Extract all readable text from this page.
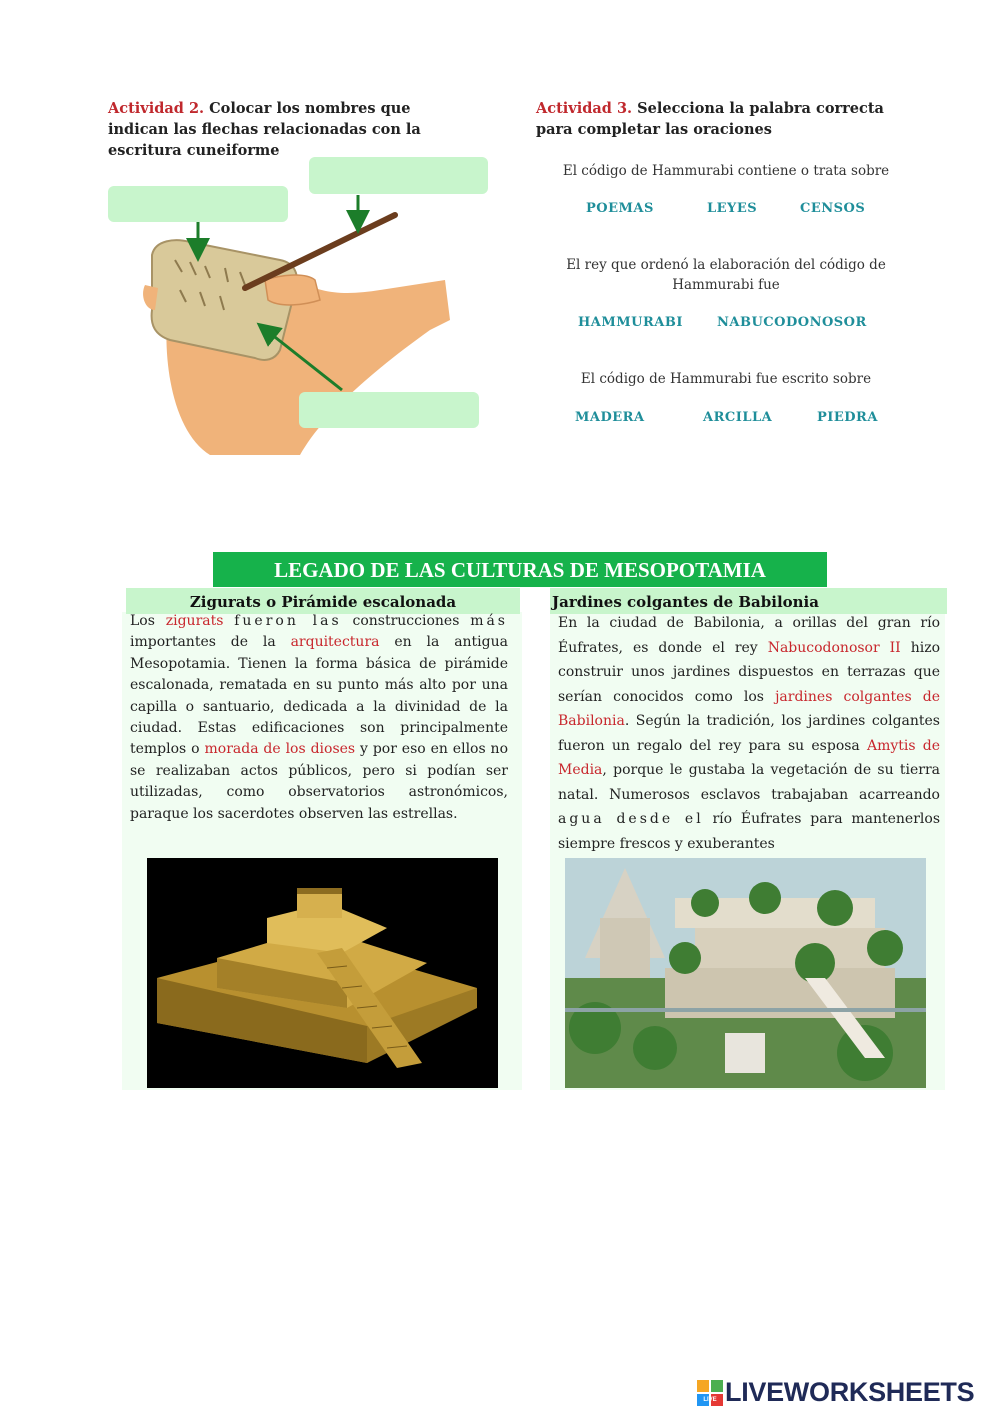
Actividad 2. Colocar los nombres que indican las flechas relacionadas con la escritura cuneiforme
Actividad 3. Selecciona la palabra correcta para completar las oraciones
El código de Hammurabi contiene o trata sobre
POEMAS	LEYES	CENSOS
El rey que ordenó la elaboración del código de Hammurabi fue
HAMMURABI	NABUCODONOSOR
El código de Hammurabi fue escrito sobre
MADERA	ARCILLA	PIEDRA
LEGADO DE LAS CULTURAS DE MESOPOTAMIA
Zigurats o Pirámide escalonada	Jardines colgantes de Babilonia
Los zigurats fueron las construcciones más importantes de la arquitectura en la antigua Mesopotamia. Tienen la forma básica de pirámide escalonada, rematada en su punto más alto por una capilla o santuario, dedicada a la divinidad de la ciudad. Estas edificaciones son principalmente templos o morada de los dioses y por eso en ellos no se realizaban actos públicos, pero si podían ser utilizadas, como observatorios astronómicos, paraque los sacerdotes observen las estrellas.
En la ciudad de Babilonia, a orillas del gran río Éufrates, es donde el rey Nabucodonosor II hizo construir unos jardines dispuestos en terrazas que serían conocidos como los jardines colgantes de Babilonia. Según la tradición, los jardines colgantes fueron un regalo del rey para su esposa Amytis de Media, porque le gustaba la vegetación de su tierra natal. Numerosos esclavos trabajaban acarreando agua desde el río Éufrates para mantenerlos siempre frescos y exuberantes
LIVE LIVEWORKSHEETS
